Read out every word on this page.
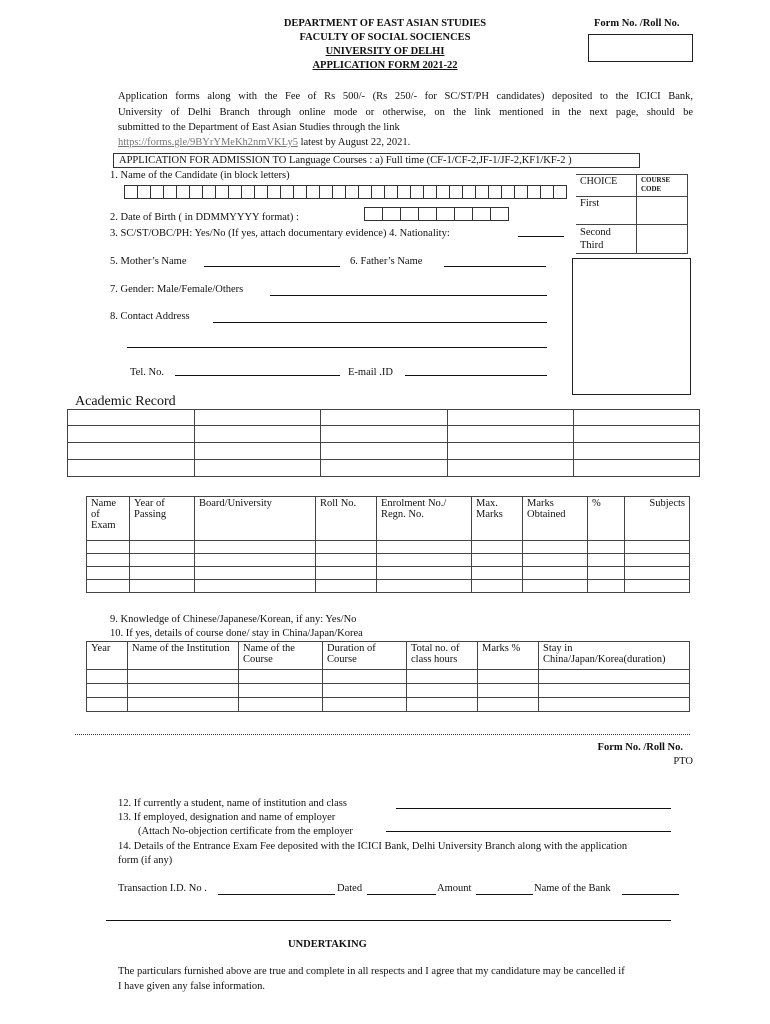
DEPARTMENT OF EAST ASIAN STUDIES
FACULTY OF SOCIAL SOCIENCES
UNIVERSITY OF DELHI
APPLICATION FORM 2021-22
Form No. /Roll No.
Application forms along with the Fee of Rs 500/- (Rs 250/- for SC/ST/PH candidates) deposited to the ICICI Bank,
University of Delhi Branch through online mode or otherwise, on the link mentioned in the next page, should be
submitted to the Department of East Asian Studies through the link
https://forms.gle/9BYrYMeKh2nmVKLy5 latest by August 22, 2021.
APPLICATION FOR ADMISSION TO Language Courses : a) Full time (CF-1/CF-2,JF-1/JF-2,KF1/KF-2 )
1. Name of the Candidate (in block letters)
CHOICE	COURSE CODE
First	

Second
Third	

2. Date of Birth ( in DDMMYYYY format) :
3. SC/ST/OBC/PH: Yes/No (If yes, attach documentary evidence) 4. Nationality:
5. Mother’s Name	6. Father’s Name
7. Gender: Male/Female/Others
8. Contact Address
Tel. No.	E-mail .ID
Academic Record

Name of Exam	Year of Passing	Board/University	Roll No.	Enrolment No./ Regn. No.	Max. Marks	Marks Obtained	%	Subjects

9. Knowledge of Chinese/Japanese/Korean, if any: Yes/No
10. If yes, details of course done/ stay in China/Japan/Korea
Year	Name of the Institution	Name of the Course	Duration of Course	Total no. of class hours	Marks %	Stay in China/Japan/Korea(duration)

Form No. /Roll No.
PTO
12. If currently a student, name of institution and class
13. If employed, designation and name of employer
(Attach No-objection certificate from the employer
14. Details of the Entrance Exam Fee deposited with the ICICI Bank, Delhi University Branch along with the application
form (if any)
Transaction I.D. No .	Dated	Amount	Name of the Bank
UNDERTAKING
The particulars furnished above are true and complete in all respects and I agree that my candidature may be cancelled if
I have given any false information.
